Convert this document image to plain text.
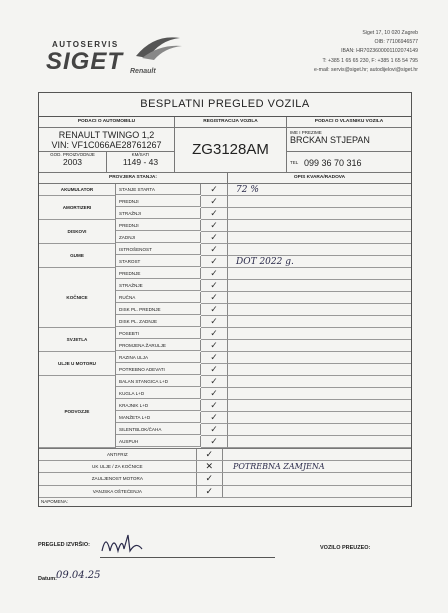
AUTOSERVIS
SIGET Renault
Siget 17, 10 020 Zagreb
OIB: 77106946577
IBAN: HR7023600001102074149
T: +385 1 65 65 230, F: +385 1 65 54 795
e-mail: servis@siget.hr; autodijelovi@siget.hr
BESPLATNI PREGLED VOZILA
PODACI O AUTOMOBILU	REGISTRACIJA VOZILA	PODACI O VLASNIKU VOZILA
RENAULT TWINGO 1,2
VIN: VF1C066AE28761267
GOD. PROIZVODNJE
2003
KM/SATI
1149 - 43
ZG3128AM
IME I PREZIME
BRCKAN STJEPAN
TEL 099 36 70 316
PROVJERA STANJA:	OPIS KVARA/RADOVA
AKUMULATOR	STANJE STARTA	✓	72 %
AMORTIZERI
PREDNJI	✓
STRAŽNJI	✓
DISKOVI
PREDNJI	✓
ZADNJI	✓
GUME
ISTROŠENOST	✓
STAROST	✓	DOT 2022 g.
KOČNICE
PREDNJE	✓
STRAŽNJE	✓
RUČNA	✓
DISK PL. PREDNJE	✓
DISK PL. ZADNJE	✓
SVJETLA
POSEBTI	✓
PROMJENA ŽARULJE	✓
ULJE U MOTORU
RAZINA ULJA	✓
POTREBNO ADEVATI	✓
PODVOZJE
BALAN STANGICA L+D	✓
KUGLA L+D	✓
KRAJNIK L+D	✓
MANŽETA L+D	✓
SILENTBLOK/ČAHA	✓
AUSPUH	✓
ANTIFRIZ	✓
UK ULJE / ZA KOČNICE	✕	POTREBNA ZAMJENA
ZAULJENOST MOTORA	✓
VANJSKA OŠTEĆENJA	✓
NAPOMENA:
PREGLED IZVRŠIO:	VOZILO PREUZEO:
Datum: 09.04.25
